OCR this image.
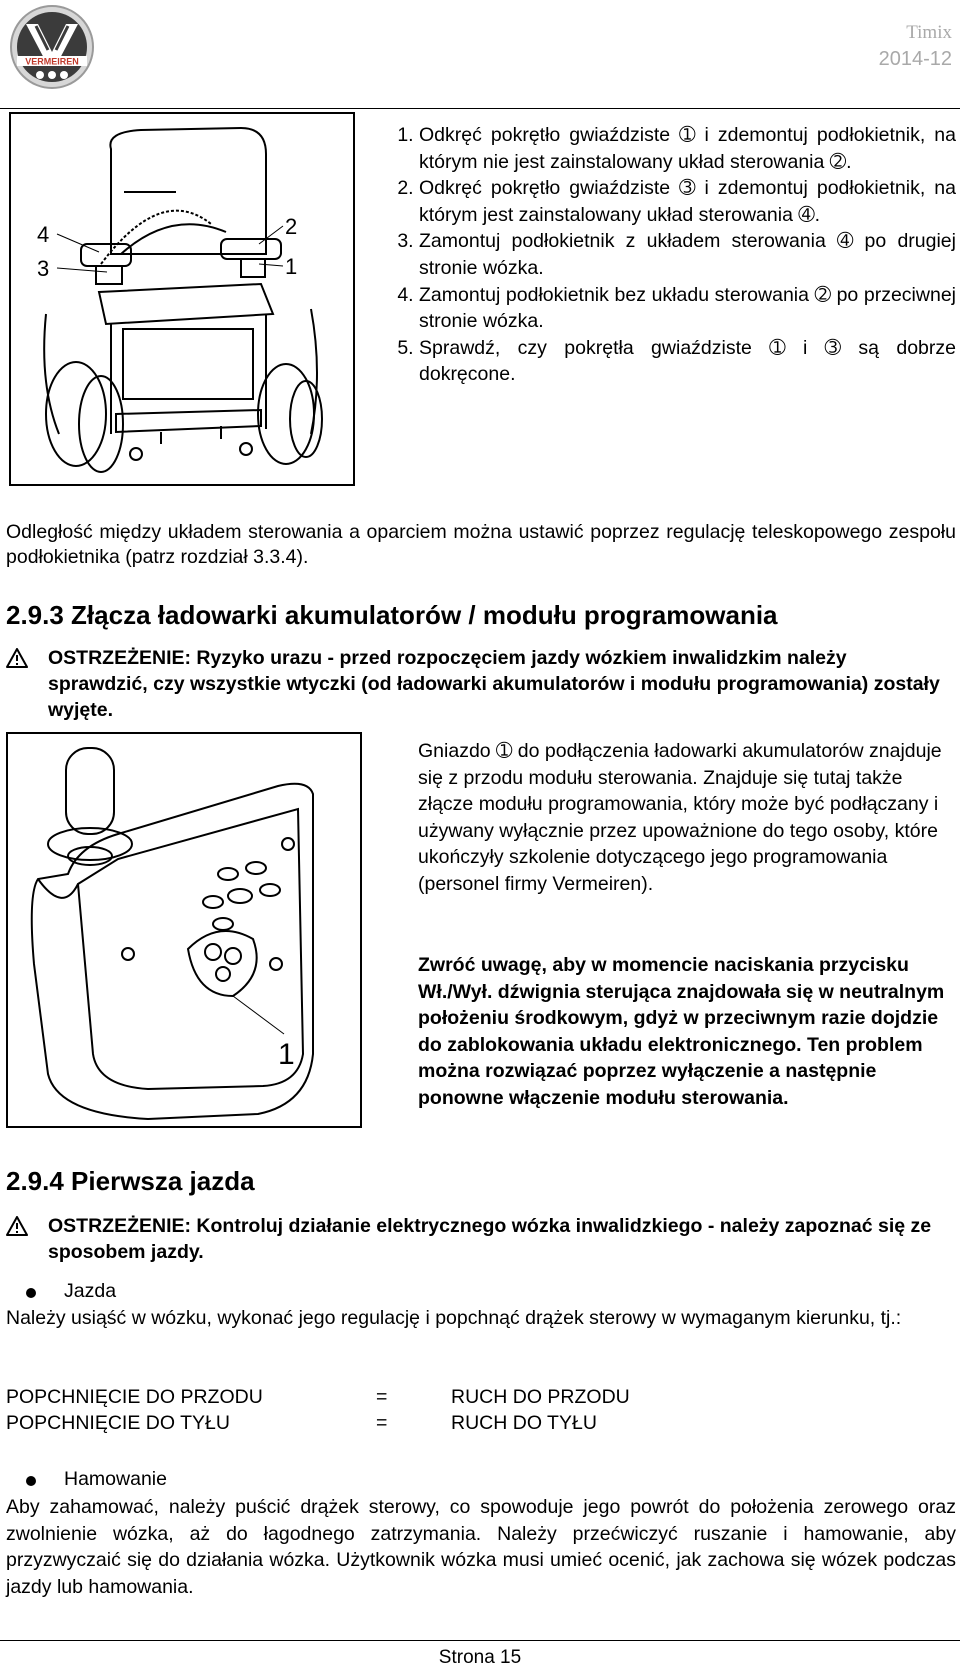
VERMEIREN
Timix
2014-12
4
3
2
1
1. Odkręć pokrętło gwiaździste ➀ i zdemontuj podłokietnik, na którym nie jest zainstalowany układ sterowania ➁.
2. Odkręć pokrętło gwiaździste ➂ i zdemontuj podłokietnik, na którym jest zainstalowany układ sterowania ➃.
3. Zamontuj podłokietnik z układem sterowania ➃ po drugiej stronie wózka.
4. Zamontuj podłokietnik bez układu sterowania ➁ po przeciwnej stronie wózka.
5. Sprawdź, czy pokrętła gwiaździste ➀ i ➂ są dobrze dokręcone.
Odległość między układem sterowania a oparciem można ustawić poprzez regulację teleskopowego zespołu podłokietnika (patrz rozdział 3.3.4).
2.9.3 Złącza ładowarki akumulatorów / modułu programowania
OSTRZEŻENIE: Ryzyko urazu - przed rozpoczęciem jazdy wózkiem inwalidzkim należy sprawdzić, czy wszystkie wtyczki (od ładowarki akumulatorów i modułu programowania) zostały wyjęte.
1
Gniazdo ➀ do podłączenia ładowarki akumulatorów znajduje się z przodu modułu sterowania. Znajduje się tutaj także złącze modułu programowania, który może być podłączany i używany wyłącznie przez upoważnione do tego osoby, które ukończyły szkolenie dotyczącego jego programowania (personel firmy Vermeiren).
Zwróć uwagę, aby w momencie naciskania przycisku Wł./Wył. dźwignia sterująca znajdowała się w neutralnym położeniu środkowym, gdyż w przeciwnym razie dojdzie do zablokowania układu elektronicznego. Ten problem można rozwiązać poprzez wyłączenie a następnie ponowne włączenie modułu sterowania.
2.9.4 Pierwsza jazda
OSTRZEŻENIE: Kontroluj działanie elektrycznego wózka inwalidzkiego - należy zapoznać się ze sposobem jazdy.
Jazda
Należy usiąść w wózku, wykonać jego regulację i popchnąć drążek sterowy w wymaganym kierunku, tj.:
POPCHNIĘCIE DO PRZODU	=	RUCH DO PRZODU
POPCHNIĘCIE DO TYŁU	=	RUCH DO TYŁU
Hamowanie
Aby zahamować, należy puścić drążek sterowy, co spowoduje jego powrót do położenia zerowego oraz zwolnienie wózka, aż do łagodnego zatrzymania. Należy przećwiczyć ruszanie i hamowanie, aby przyzwyczaić się do działania wózka. Użytkownik wózka musi umieć ocenić, jak zachowa się wózek podczas jazdy lub hamowania.
Strona 15
